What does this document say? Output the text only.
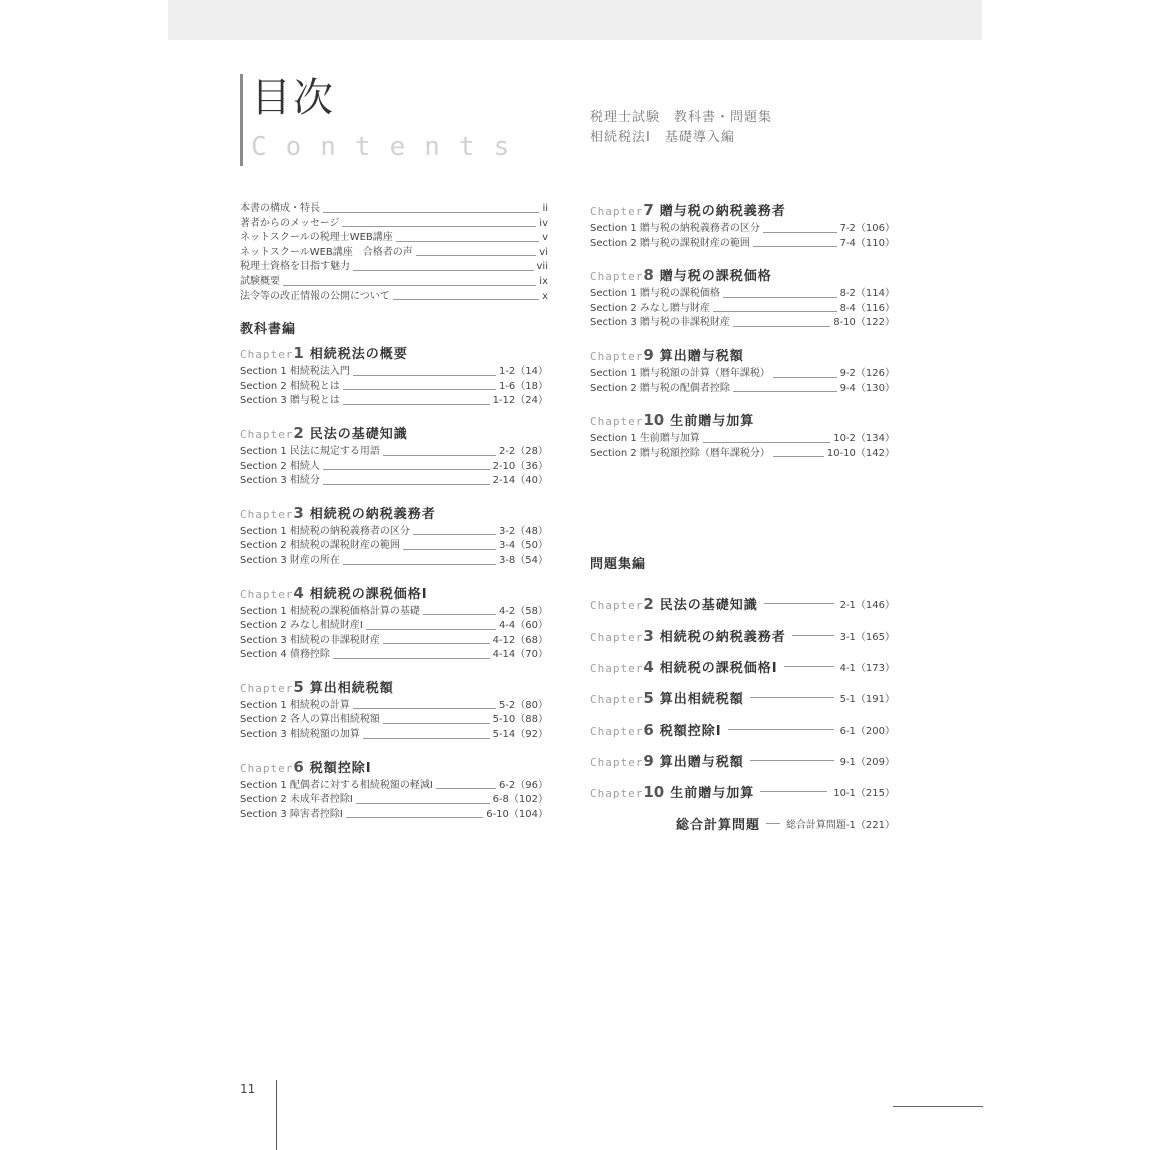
目次
Contents
税理士試験　教科書・問題集
相続税法Ⅰ　基礎導入編
本書の構成・特長	ii
著者からのメッセージ	iv
ネットスクールの税理士WEB講座	v
ネットスクールWEB講座　合格者の声	vi
税理士資格を目指す魅力	vii
試験概要	ix
法令等の改正情報の公開について	x
教科書編
Chapter 1 相続税法の概要
Section 1 相続税法入門	1-2（14）
Section 2 相続税とは	1-6（18）
Section 3 贈与税とは	1-12（24）
Chapter 2 民法の基礎知識
Section 1 民法に規定する用語	2-2（28）
Section 2 相続人	2-10（36）
Section 3 相続分	2-14（40）
Chapter 3 相続税の納税義務者
Section 1 相続税の納税義務者の区分	3-2（48）
Section 2 相続税の課税財産の範囲	3-4（50）
Section 3 財産の所在	3-8（54）
Chapter 4 相続税の課税価格Ⅰ
Section 1 相続税の課税価格計算の基礎	4-2（58）
Section 2 みなし相続財産Ⅰ	4-4（60）
Section 3 相続税の非課税財産	4-12（68）
Section 4 債務控除	4-14（70）
Chapter 5 算出相続税額
Section 1 相続税の計算	5-2（80）
Section 2 各人の算出相続税額	5-10（88）
Section 3 相続税額の加算	5-14（92）
Chapter 6 税額控除Ⅰ
Section 1 配偶者に対する相続税額の軽減Ⅰ	6-2（96）
Section 2 未成年者控除Ⅰ	6-8（102）
Section 3 障害者控除Ⅰ	6-10（104）
Chapter 7 贈与税の納税義務者
Section 1 贈与税の納税義務者の区分	7-2（106）
Section 2 贈与税の課税財産の範囲	7-4（110）
Chapter 8 贈与税の課税価格
Section 1 贈与税の課税価格	8-2（114）
Section 2 みなし贈与財産	8-4（116）
Section 3 贈与税の非課税財産	8-10（122）
Chapter 9 算出贈与税額
Section 1 贈与税額の計算（暦年課税）	9-2（126）
Section 2 贈与税の配偶者控除	9-4（130）
Chapter 10 生前贈与加算
Section 1 生前贈与加算	10-2（134）
Section 2 贈与税額控除（暦年課税分）	10-10（142）
問題集編
Chapter 2 民法の基礎知識	2-1（146）
Chapter 3 相続税の納税義務者	3-1（165）
Chapter 4 相続税の課税価格Ⅰ	4-1（173）
Chapter 5 算出相続税額	5-1（191）
Chapter 6 税額控除Ⅰ	6-1（200）
Chapter 9 算出贈与税額	9-1（209）
Chapter 10 生前贈与加算	10-1（215）
総合計算問題	総合計算問題-1（221）
11
